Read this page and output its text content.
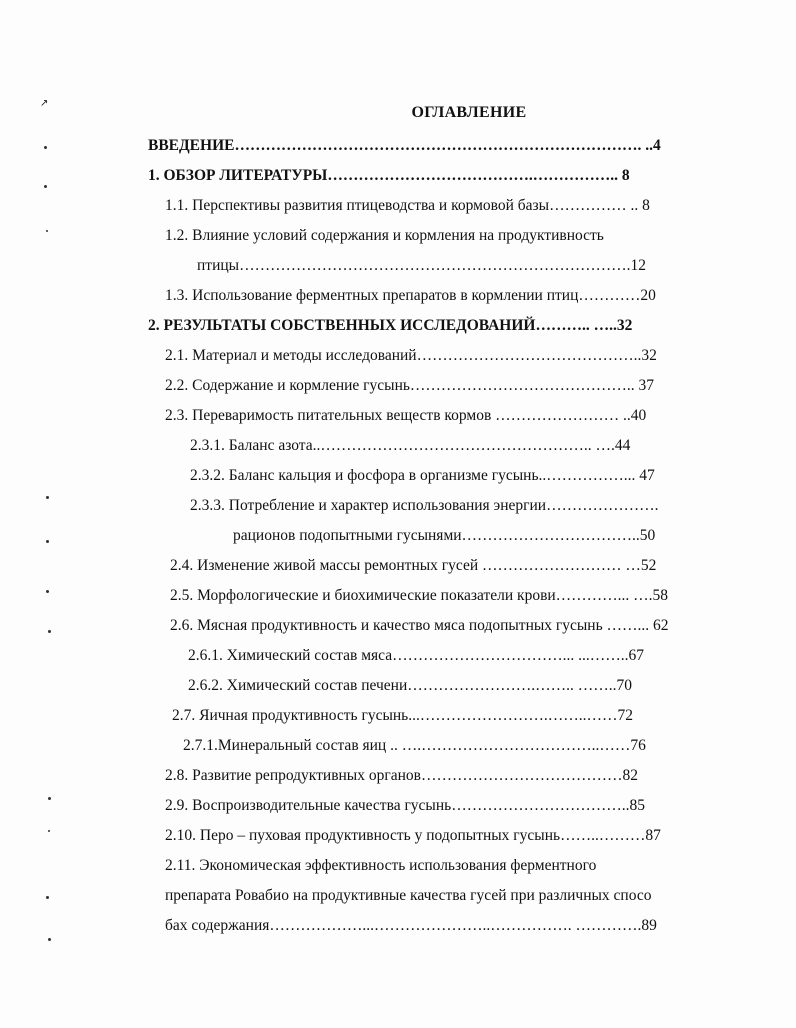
ОГЛАВЛЕНИЕ
ВВЕДЕНИЕ……………………………………………………………………. ..4
1. ОБЗОР ЛИТЕРАТУРЫ………………………………….…………….. 8
1.1. Перспективы развития птицеводства и кормовой базы…………… .. 8
1.2. Влияние условий содержания и кормления на продуктивность
птицы………………………………………………………………….12
1.3. Использование ферментных препаратов в кормлении птиц…………20
2. РЕЗУЛЬТАТЫ СОБСТВЕННЫХ ИССЛЕДОВАНИЙ……….. …..32
2.1. Материал и методы исследований……………………………………..32
2.2. Содержание и кормление гусынь…………………………………….. 37
2.3. Переваримость питательных веществ кормов …………………… ..40
2.3.1. Баланс азота..…………………………………………….. ….44
2.3.2. Баланс кальция и фосфора в организме гусынь..……………... 47
2.3.3. Потребление и характер использования энергии………………….
рационов подопытными гусынями……………………………..50
2.4. Изменение живой массы ремонтных гусей ……………………… …52
2.5. Морфологические и биохимические показатели крови…………... ….58
2.6. Мясная продуктивность и качество мяса подопытных гусынь ……... 62
2.6.1. Химический состав мяса……………………………... ...……..67
2.6.2. Химический состав печени…………………….…….. ……..70
2.7. Яичная продуктивность гусынь...…………………….……..……72
2.7.1.Минеральный состав яиц .. ….……………………………..……76
2.8. Развитие репродуктивных органов…………………………………82
2.9. Воспроизводительные качества гусынь……………………………..85
2.10. Перо – пуховая продуктивность у подопытных гусынь……..………87
2.11. Экономическая эффективность использования ферментного
препарата Ровабио на продуктивные качества гусей при различных спосо
бах содержания………………...…………………..……………. ………….89
↗
